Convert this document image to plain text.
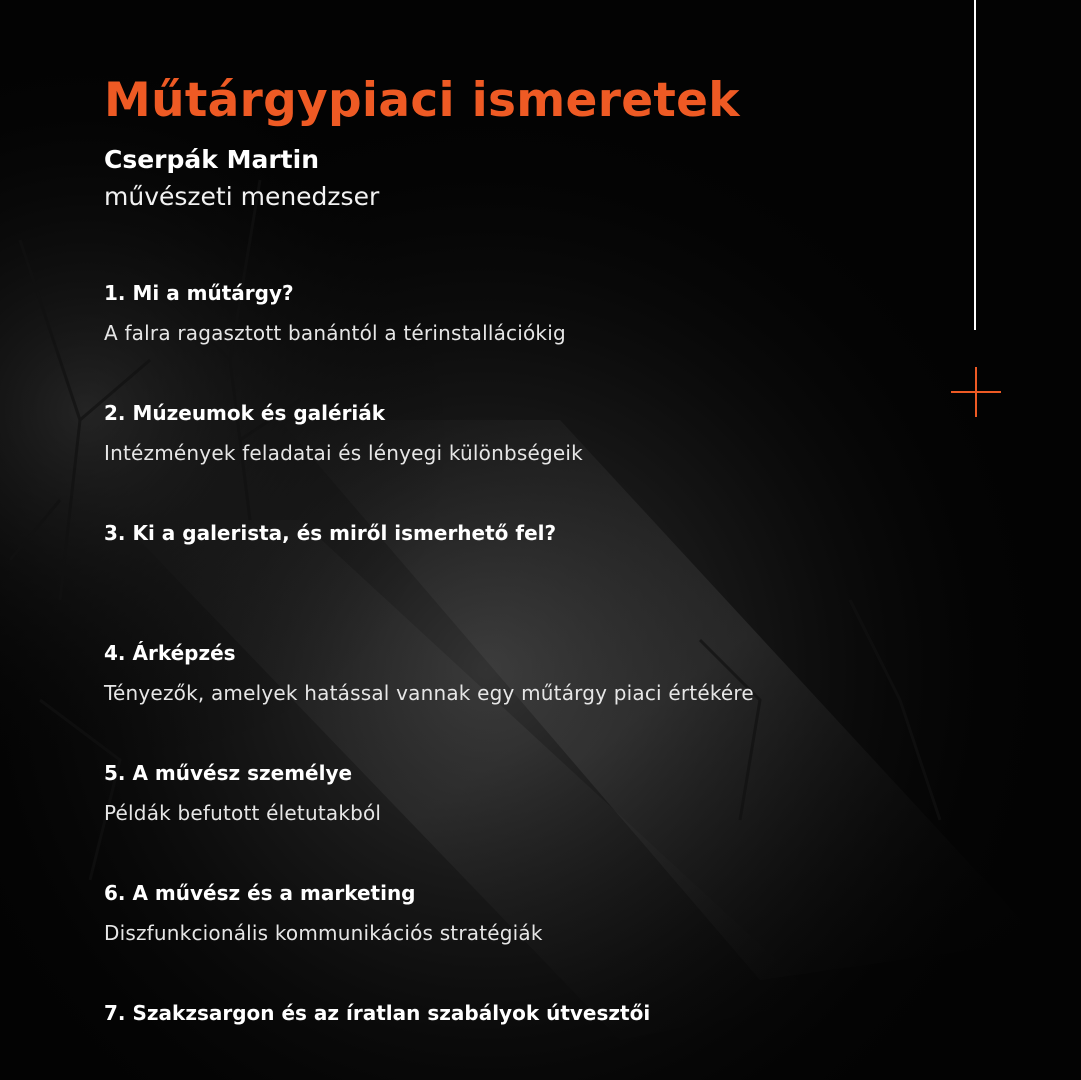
Műtárgypiaci ismeretek
Cserpák Martin
művészeti menedzser
1. Mi a műtárgy?
A falra ragasztott banántól a térinstallációkig
2. Múzeumok és galériák
Intézmények feladatai és lényegi különbségeik
3. Ki a galerista, és miről ismerhető fel?
4. Árképzés
Tényezők, amelyek hatással vannak egy műtárgy piaci értékére
5. A művész személye
Példák befutott életutakból
6. A művész és a marketing
Diszfunkcionális kommunikációs stratégiák
7. Szakzsargon és az íratlan szabályok útvesztői
